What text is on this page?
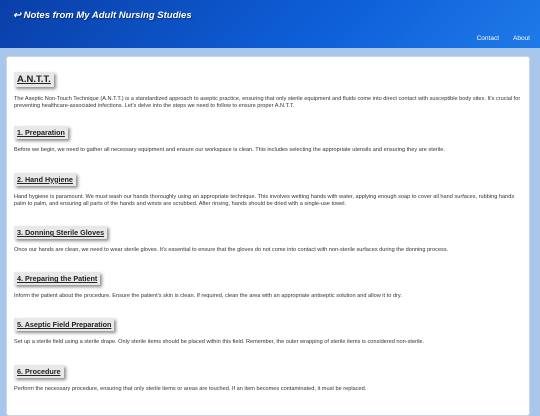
↩ Notes from My Adult Nursing Studies
Contact About
A.N.T.T.

The Aseptic Non-Touch Technique (A.N.T.T.) is a standardized approach to aseptic practice, ensuring that only sterile equipment and fluids come into direct contact with susceptible body sites. It's crucial for preventing healthcare-associated infections. Let's delve into the steps we need to follow to ensure proper A.N.T.T.

1. Preparation

Before we begin, we need to gather all necessary equipment and ensure our workspace is clean. This includes selecting the appropriate utensils and ensuring they are sterile.

2. Hand Hygiene

Hand hygiene is paramount. We must wash our hands thoroughly using an appropriate technique. This involves wetting hands with water, applying enough soap to cover all hand surfaces, rubbing hands palm to palm, and ensuring all parts of the hands and wrists are scrubbed. After rinsing, hands should be dried with a single-use towel.

3. Donning Sterile Gloves

Once our hands are clean, we need to wear sterile gloves. It's essential to ensure that the gloves do not come into contact with non-sterile surfaces during the donning process.

4. Preparing the Patient

Inform the patient about the procedure. Ensure the patient's skin is clean. If required, clean the area with an appropriate antiseptic solution and allow it to dry.

5. Aseptic Field Preparation

Set up a sterile field using a sterile drape. Only sterile items should be placed within this field. Remember, the outer wrapping of sterile items is considered non-sterile.

6. Procedure

Perform the necessary procedure, ensuring that only sterile items or areas are touched. If an item becomes contaminated, it must be replaced.
